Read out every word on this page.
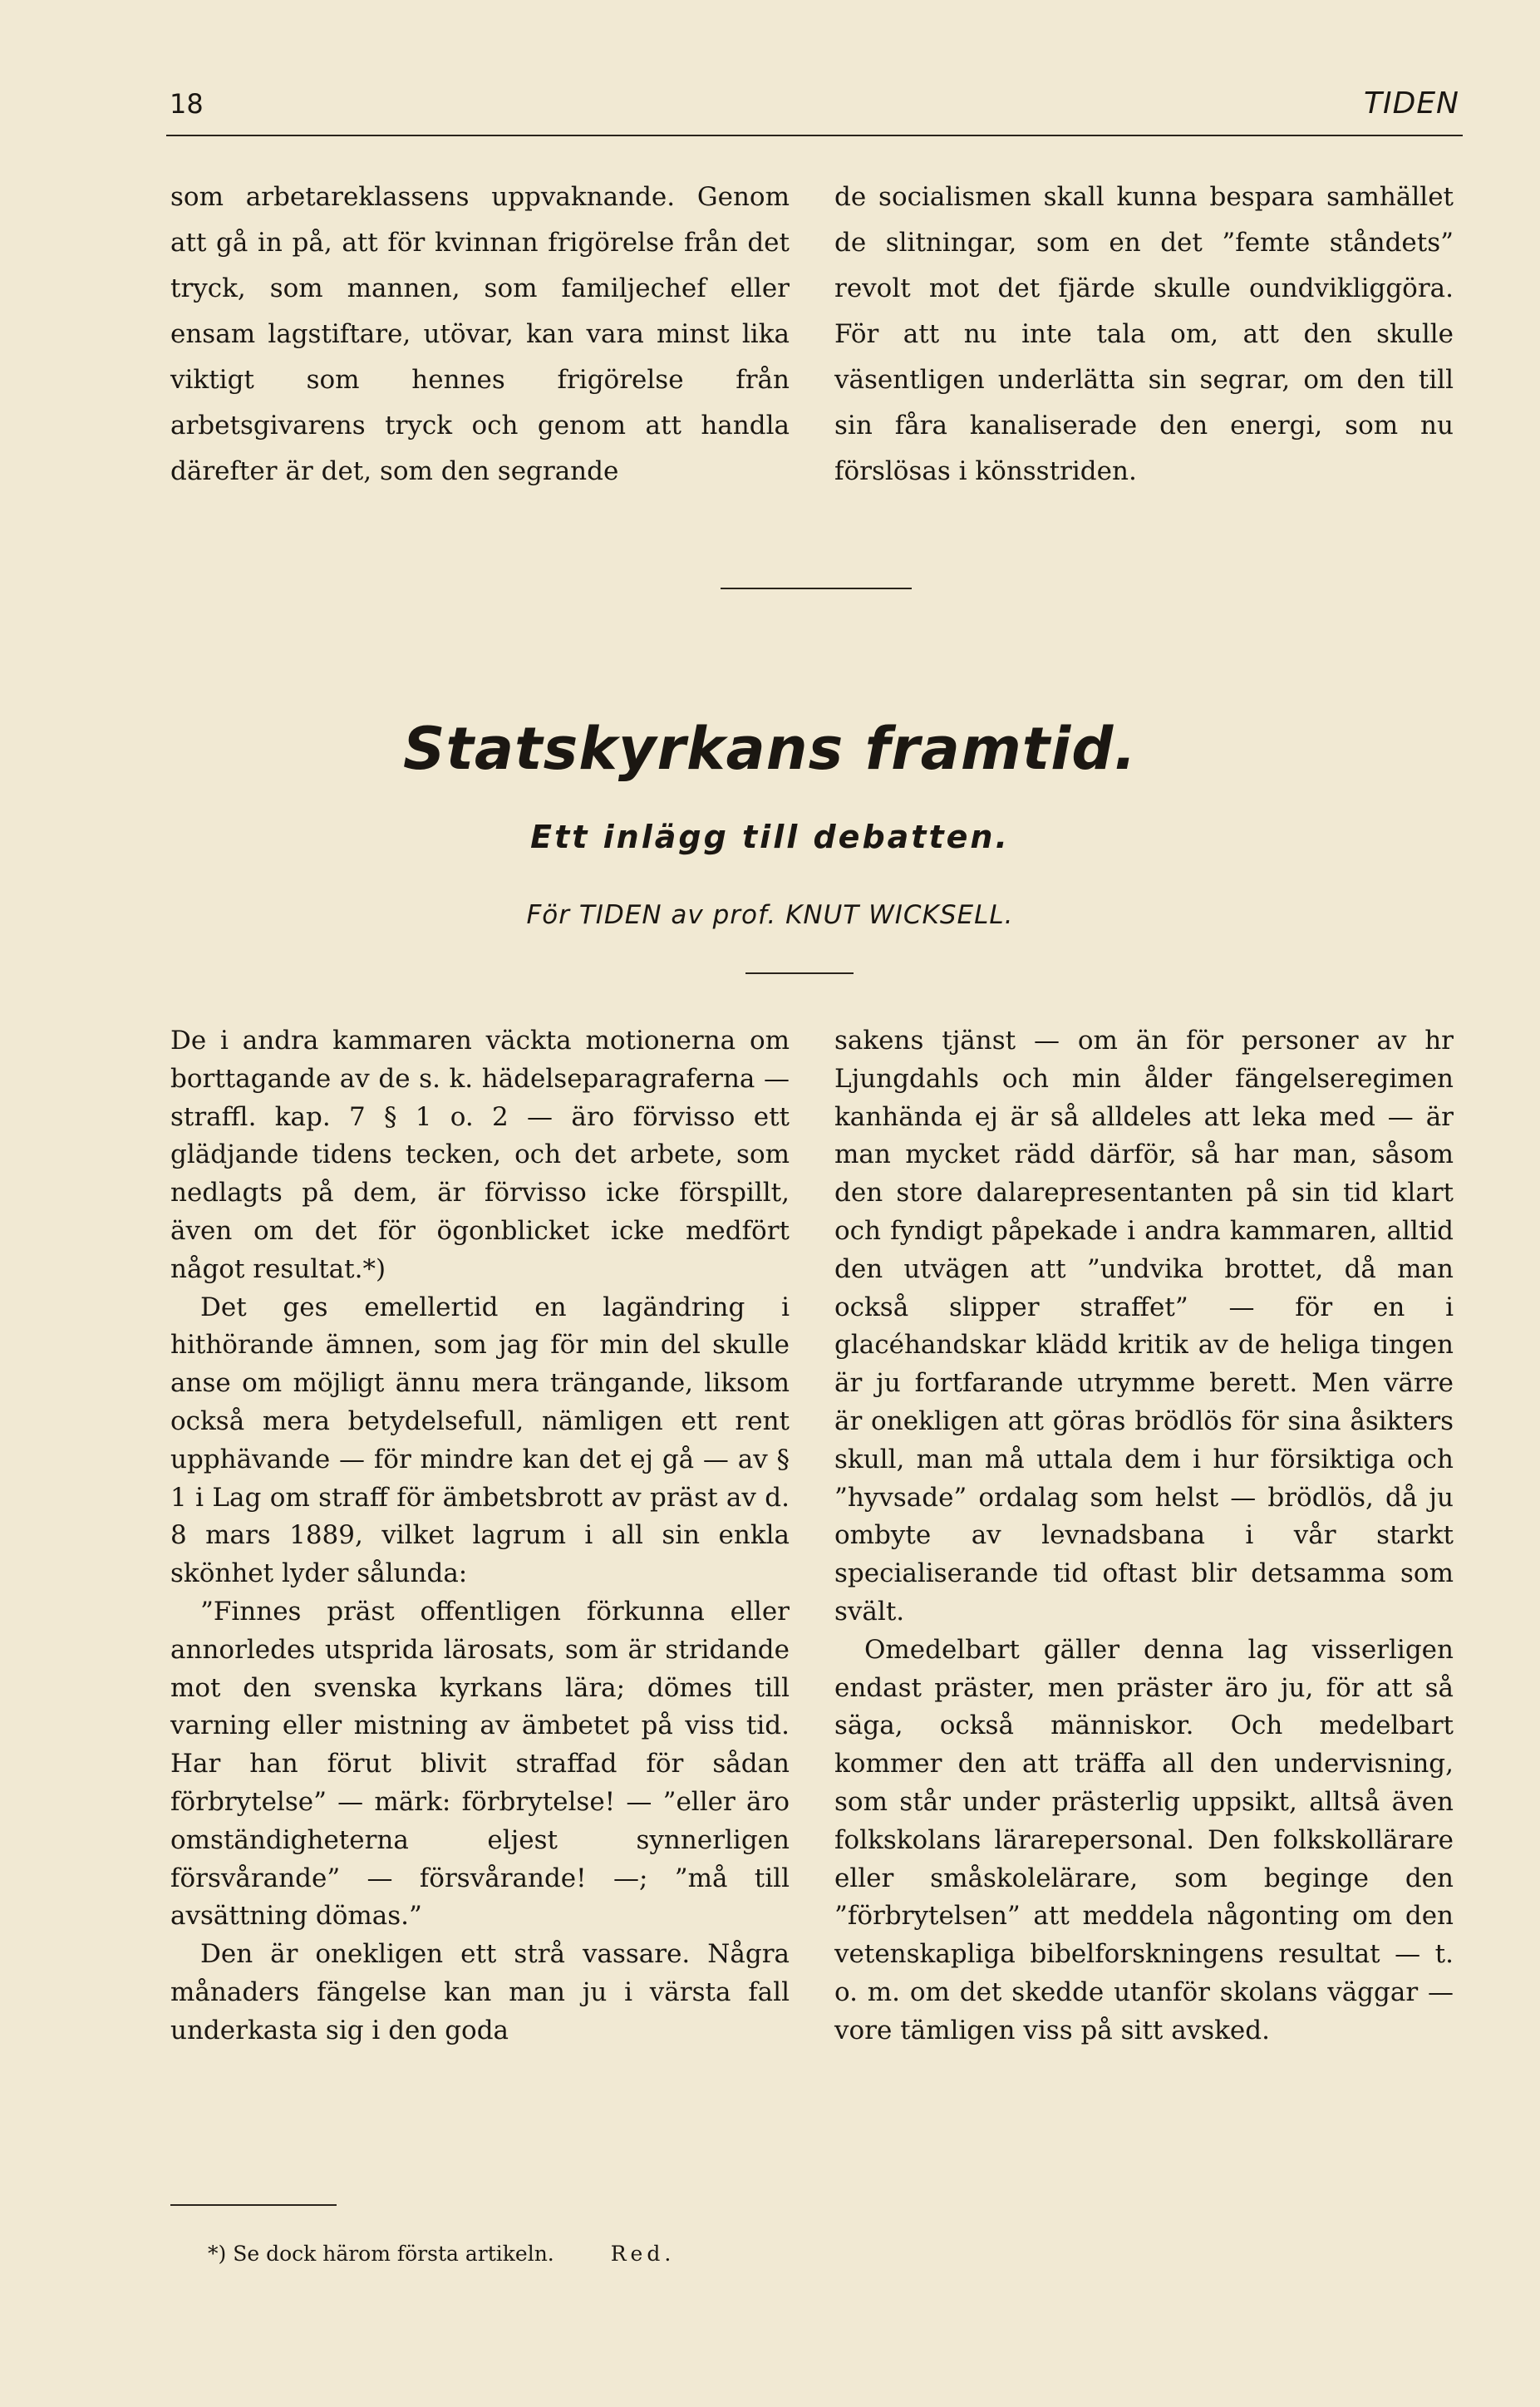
18	TIDEN

som arbetareklassens uppvaknande. Genom att gå in på, att för kvinnan frigörelse från det tryck, som mannen, som familjechef eller ensam lagstiftare, utövar, kan vara minst lika viktigt som hennes frigörelse från arbetsgivarens tryck och genom att handla därefter är det, som den segrande

de socialismen skall kunna bespara samhället de slitningar, som en det ”femte ståndets” revolt mot det fjärde skulle oundvikliggöra. För att nu inte tala om, att den skulle väsentligen underlätta sin segrar, om den till sin fåra kanaliserade den energi, som nu förslösas i könsstriden.

Statskyrkans framtid.
Ett inlägg till debatten.
För TIDEN av prof. KNUT WICKSELL.

De i andra kammaren väckta motionerna om borttagande av de s. k. hädelseparagraferna — straffl. kap. 7 § 1 o. 2 — äro förvisso ett glädjande tidens tecken, och det arbete, som nedlagts på dem, är förvisso icke förspillt, även om det för ögonblicket icke medfört något resultat.*)

Det ges emellertid en lagändring i hithörande ämnen, som jag för min del skulle anse om möjligt ännu mera trängande, liksom också mera betydelsefull, nämligen ett rent upphävande — för mindre kan det ej gå — av § 1 i Lag om straff för ämbetsbrott av präst av d. 8 mars 1889, vilket lagrum i all sin enkla skönhet lyder sålunda:

”Finnes präst offentligen förkunna eller annorledes utsprida lärosats, som är stridande mot den svenska kyrkans lära; dömes till varning eller mistning av ämbetet på viss tid. Har han förut blivit straffad för sådan förbrytelse” — märk: förbrytelse! — ”eller äro omständigheterna eljest synnerligen försvårande” — försvårande! —; ”må till avsättning dömas.”

Den är onekligen ett strå vassare. Några månaders fängelse kan man ju i värsta fall underkasta sig i den goda

sakens tjänst — om än för personer av hr Ljungdahls och min ålder fängelseregimen kanhända ej är så alldeles att leka med — är man mycket rädd därför, så har man, såsom den store dalarepresentanten på sin tid klart och fyndigt påpekade i andra kammaren, alltid den utvägen att ”undvika brottet, då man också slipper straffet” — för en i glacéhandskar klädd kritik av de heliga tingen är ju fortfarande utrymme berett. Men värre är onekligen att göras brödlös för sina åsikters skull, man må uttala dem i hur försiktiga och ”hyvsade” ordalag som helst — brödlös, då ju ombyte av levnadsbana i vår starkt specialiserande tid oftast blir detsamma som svält.

Omedelbart gäller denna lag visserligen endast präster, men präster äro ju, för att så säga, också människor. Och medelbart kommer den att träffa all den undervisning, som står under prästerlig uppsikt, alltså även folkskolans lärarepersonal. Den folkskollärare eller småskolelärare, som beginge den ”förbrytelsen” att meddela någonting om den vetenskapliga bibelforskningens resultat — t. o. m. om det skedde utanför skolans väggar — vore tämligen viss på sitt avsked.

*) Se dock härom första artikeln.	Red.
